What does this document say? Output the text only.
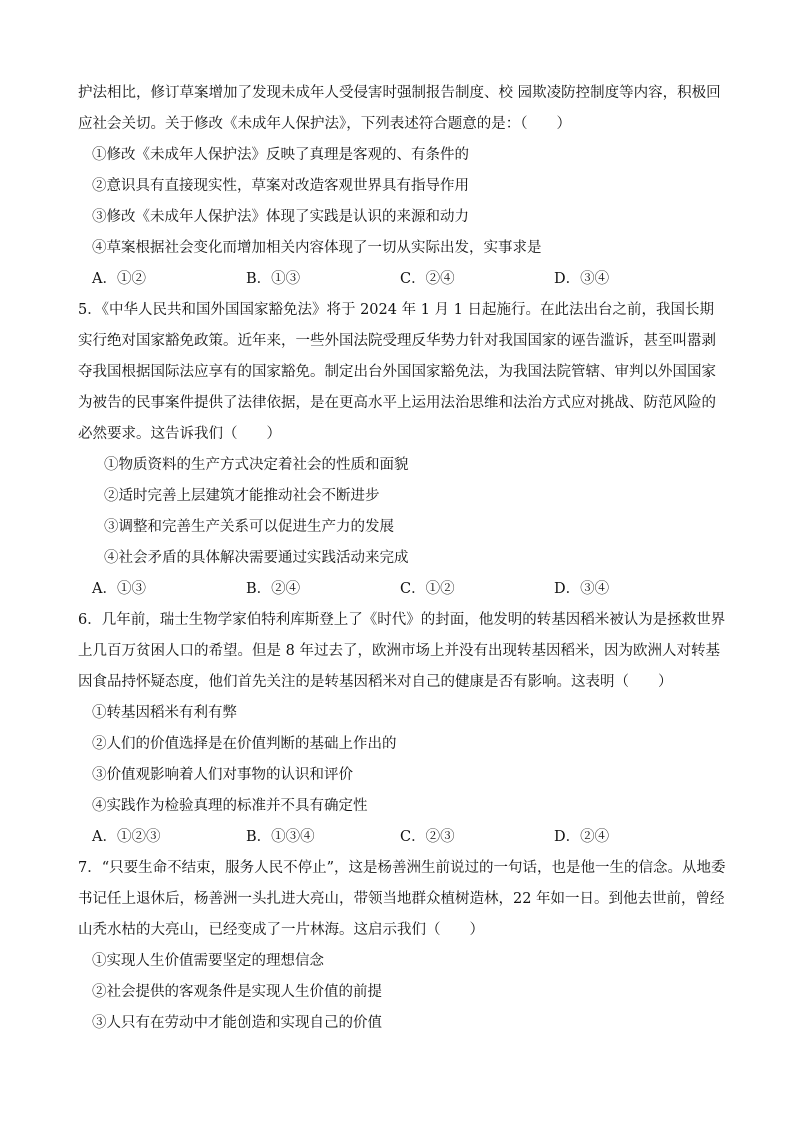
护法相比，修订草案增加了发现未成年人受侵害时强制报告制度、校 园欺凌防控制度等内容，积极回应社会关切。关于修改《未成年人保护法》，下列表述符合题意的是：（　　）

①修改《未成年人保护法》反映了真理是客观的、有条件的

②意识具有直接现实性，草案对改造客观世界具有指导作用

③修改《未成年人保护法》体现了实践是认识的来源和动力

④草案根据社会变化而增加相关内容体现了一切从实际出发，实事求是

A．①②	B．①③	C．②④	D．③④

5．《中华人民共和国外国国家豁免法》将于 2024 年 1 月 1 日起施行。在此法出台之前，我国长期实行绝对国家豁免政策。近年来，一些外国法院受理反华势力针对我国国家的诬告滥诉，甚至叫嚣剥夺我国根据国际法应享有的国家豁免。制定出台外国国家豁免法，为我国法院管辖、审判以外国国家为被告的民事案件提供了法律依据，是在更高水平上运用法治思维和法治方式应对挑战、防范风险的必然要求。这告诉我们（　　）

①物质资料的生产方式决定着社会的性质和面貌

②适时完善上层建筑才能推动社会不断进步

③调整和完善生产关系可以促进生产力的发展

④社会矛盾的具体解决需要通过实践活动来完成

A．①③	B．②④	C．①②	D．③④

6．几年前，瑞士生物学家伯特利库斯登上了《时代》的封面，他发明的转基因稻米被认为是拯救世界上几百万贫困人口的希望。但是 8 年过去了，欧洲市场上并没有出现转基因稻米，因为欧洲人对转基因食品持怀疑态度，他们首先关注的是转基因稻米对自己的健康是否有影响。这表明（　　）

①转基因稻米有利有弊

②人们的价值选择是在价值判断的基础上作出的

③价值观影响着人们对事物的认识和评价

④实践作为检验真理的标准并不具有确定性

A．①②③	B．①③④	C．②③	D．②④

7．“只要生命不结束，服务人民不停止”，这是杨善洲生前说过的一句话，也是他一生的信念。从地委书记任上退休后，杨善洲一头扎进大亮山，带领当地群众植树造林，22 年如一日。到他去世前，曾经山秃水枯的大亮山，已经变成了一片林海。这启示我们（　　）

①实现人生价值需要坚定的理想信念

②社会提供的客观条件是实现人生价值的前提

③人只有在劳动中才能创造和实现自己的价值
